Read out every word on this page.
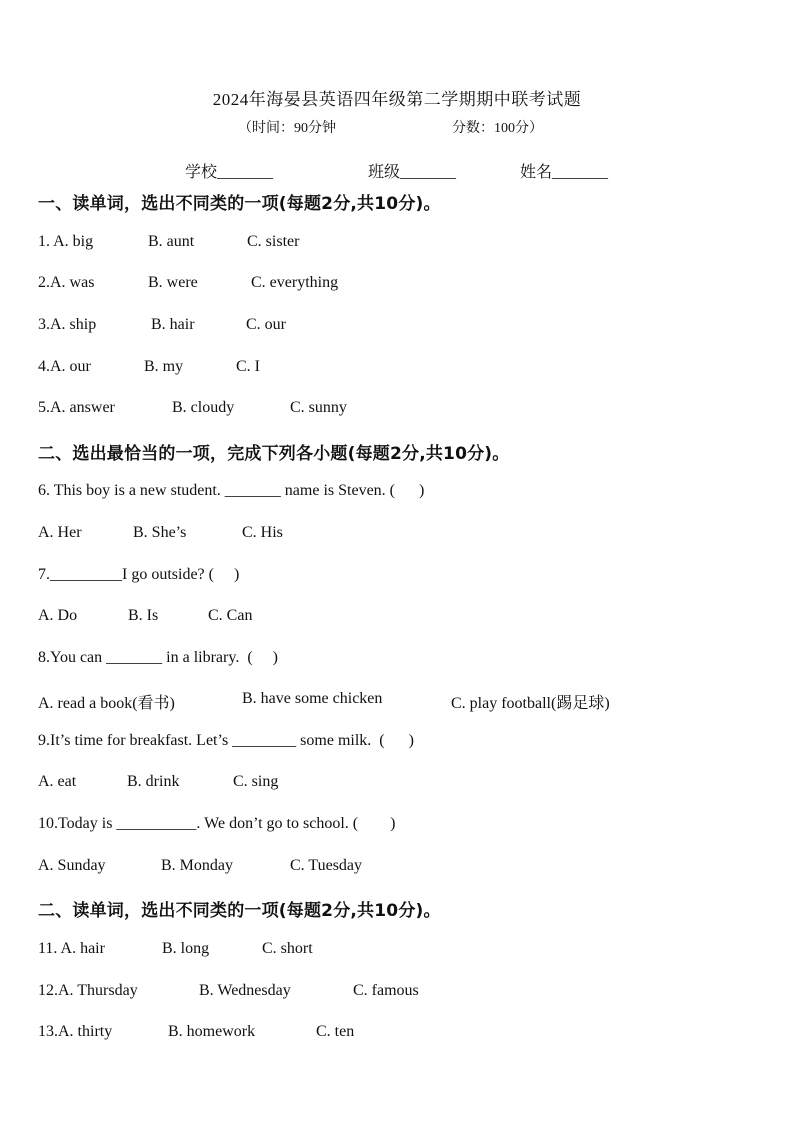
2024年海晏县英语四年级第二学期期中联考试题
（时间：90分钟	分数：100分）
学校_______	班级_______	姓名_______
一、读单词，选出不同类的一项(每题2分,共10分)。
1. A. big	B. aunt	C. sister
2.A. was	B. were	C. everything
3.A. ship	B. hair	C. our
4.A. our	B. my	C. I
5.A. answer	B. cloudy	C. sunny
二、选出最恰当的一项，完成下列各小题(每题2分,共10分)。
6. This boy is a new student. _______ name is Steven. (      )
A. Her	B. She’s	C. His
7._________I go outside? (     )
A. Do	B. Is	C. Can
8.You can _______ in a library.  (     )
A. read a book(看书)	B. have some chicken	C. play football(踢足球)
9.It’s time for breakfast. Let’s ________ some milk.  (      )
A. eat	B. drink	C. sing
10.Today is __________. We don’t go to school. (        )
A. Sunday	B. Monday	C. Tuesday
二、读单词，选出不同类的一项(每题2分,共10分)。
11. A. hair	B. long	C. short
12.A. Thursday	B. Wednesday	C. famous
13.A. thirty	B. homework	C. ten
